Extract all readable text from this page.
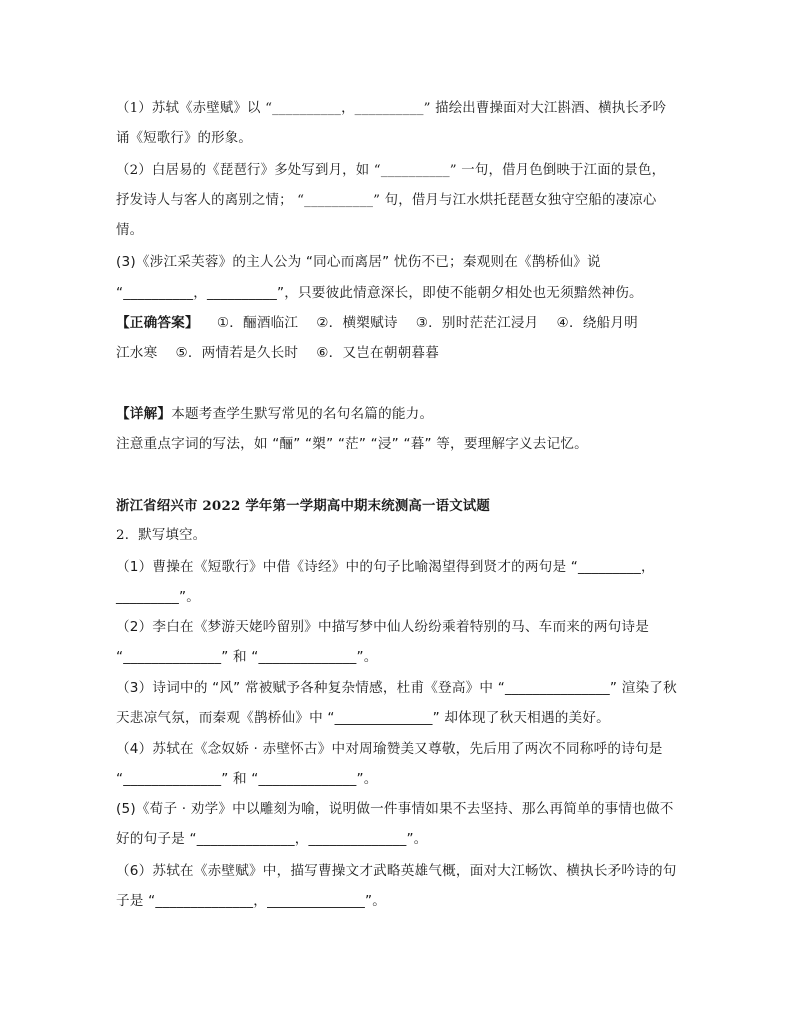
（1）苏轼《赤壁赋》以 “__________，__________” 描绘出曹操面对大江斟酒、横执长矛吟
诵《短歌行》的形象。
（2）白居易的《琵琶行》多处写到月，如 “__________” 一句，借月色倒映于江面的景色，
抒发诗人与客人的离别之情； “__________” 句，借月与江水烘托琵琶女独守空船的凄凉心
情。
(3)《涉江采芙蓉》的主人公为 “同心而离居” 忧伤不已；秦观则在《鹊桥仙》说
“__________，__________”，只要彼此情意深长，即使不能朝夕相处也无须黯然神伤。
【正确答案】 ①．酾酒临江    ②．横槊赋诗    ③．别时茫茫江浸月    ④．绕船月明
江水寒    ⑤．两情若是久长时    ⑥．又岂在朝朝暮暮
【详解】本题考查学生默写常见的名句名篇的能力。
注意重点字词的写法，如 “酾” “槊” “茫” “浸” “暮” 等，要理解字义去记忆。
浙江省绍兴市 2022 学年第一学期高中期末统测高一语文试题
2．默写填空。
（1）曹操在《短歌行》中借《诗经》中的句子比喻渴望得到贤才的两句是 “_________，
_________”。
（2）李白在《梦游天姥吟留别》中描写梦中仙人纷纷乘着特别的马、车而来的两句诗是
“______________” 和 “______________”。
（3）诗词中的 “风” 常被赋予各种复杂情感，杜甫《登高》中 “_______________” 渲染了秋
天悲凉气氛，而秦观《鹊桥仙》中 “______________” 却体现了秋天相遇的美好。
（4）苏轼在《念奴娇 · 赤壁怀古》中对周瑜赞美又尊敬，先后用了两次不同称呼的诗句是
“______________” 和 “______________”。
(5)《荀子 · 劝学》中以雕刻为喻，说明做一件事情如果不去坚持、那么再简单的事情也做不
好的句子是 “______________，______________”。
（6）苏轼在《赤壁赋》中，描写曹操文才武略英雄气概，面对大江畅饮、横执长矛吟诗的句
子是 “______________，______________”。
